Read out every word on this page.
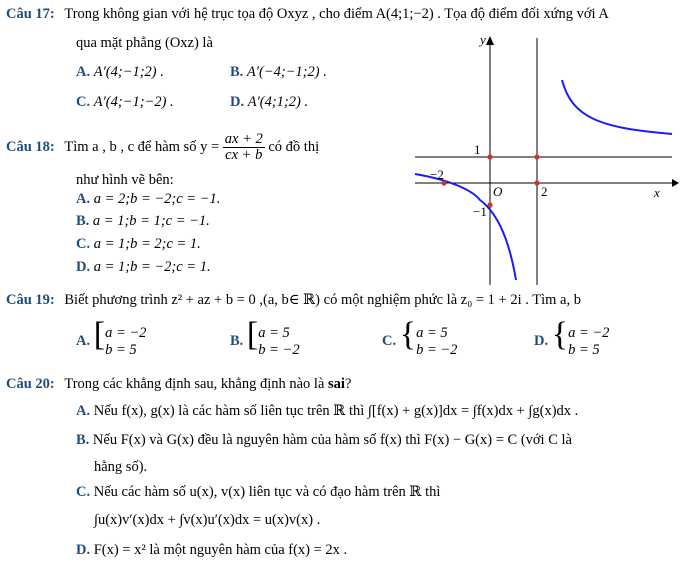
Câu 17: Trong không gian với hệ trục tọa độ Oxyz , cho điểm A(4;1;−2) . Tọa độ điểm đối xứng với A
qua mặt phẳng (Oxz) là
A. A′(4;−1;2) .	B. A′(−4;−1;2) .
C. A′(4;−1;−2) .	D. A′(4;1;2) .
Câu 18: Tìm a , b , c để hàm số $y = \frac{ax + 2}{cx + b}$ có đồ thị
như hình vẽ bên:
A. a = 2;b = −2;c = −1.
B. a = 1;b = 1;c = −1.
C. a = 1;b = 2;c = 1.
D. a = 1;b = −2;c = 1.
y
x
O
1
−2
2
−1
Câu 19: Biết phương trình z² + az + b = 0 ,(a, b∈ ℝ) có một nghiệm phức là z₀ = 1 + 2i . Tìm a, b
A. [ a = −2
b = 5
B. [ a = 5
b = −2
C. { a = 5
b = −2
D. { a = −2
b = 5
Câu 20: Trong các khẳng định sau, khẳng định nào là sai?
A. Nếu f(x), g(x) là các hàm số liên tục trên ℝ thì ∫[f(x) + g(x)]dx = ∫f(x)dx + ∫g(x)dx .
B. Nếu F(x) và G(x) đều là nguyên hàm của hàm số f(x) thì F(x) − G(x) = C (với C là
hằng số).
C. Nếu các hàm số u(x), v(x) liên tục và có đạo hàm trên ℝ thì
∫u(x)v′(x)dx + ∫v(x)u′(x)dx = u(x)v(x) .
D. F(x) = x² là một nguyên hàm của f(x) = 2x .
